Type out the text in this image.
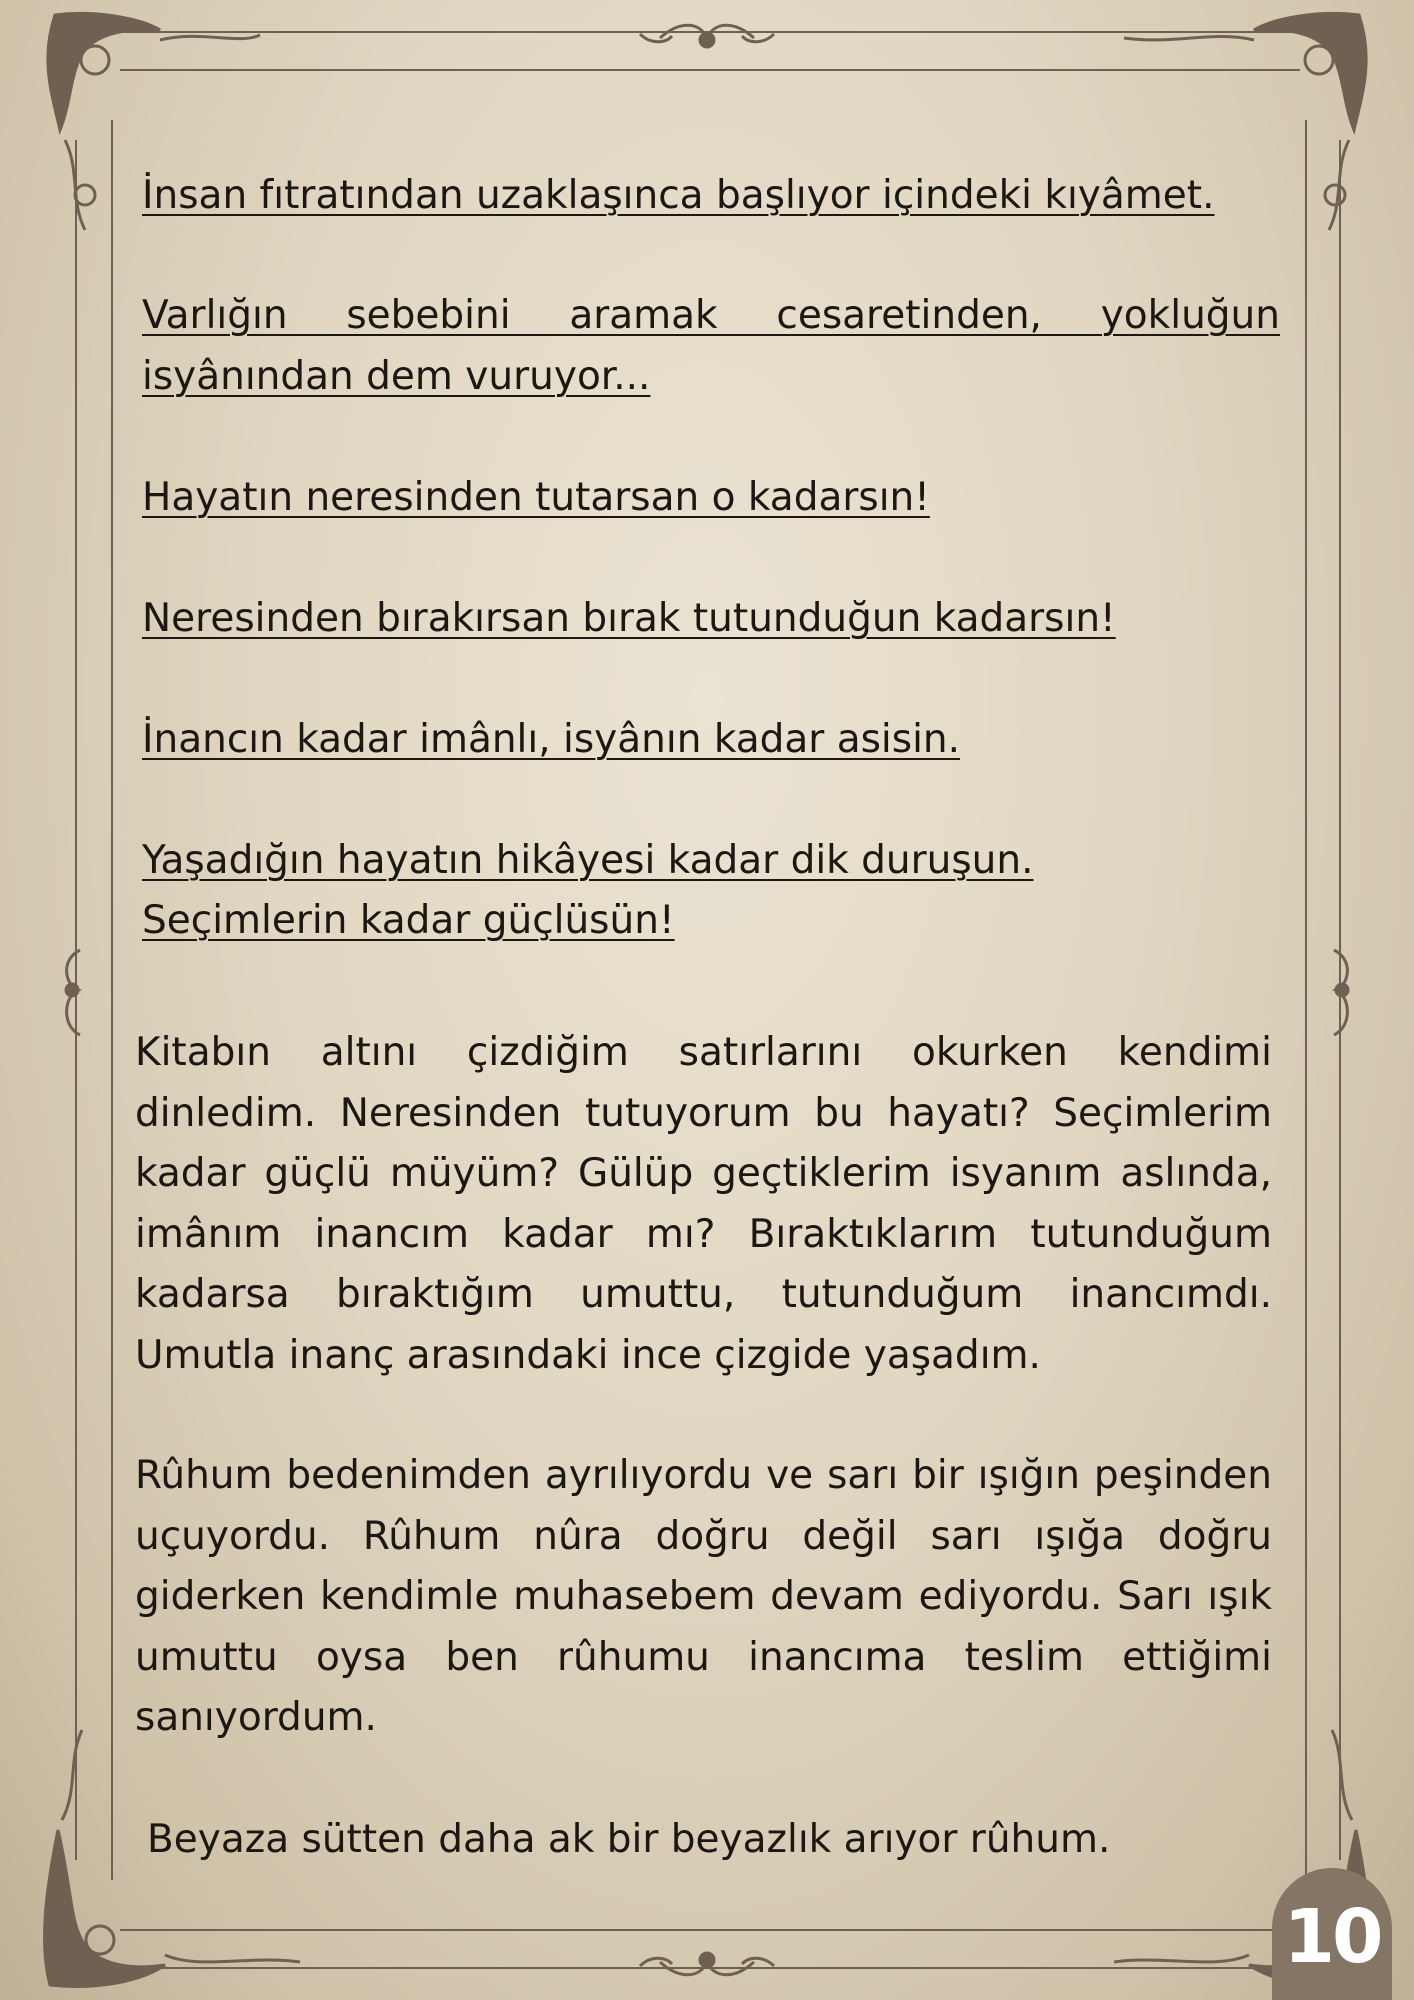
İnsan fıtratından uzaklaşınca başlıyor içindeki kıyâmet.

Varlığın sebebini aramak cesaretinden, yokluğun

isyânından dem vuruyor...

Hayatın neresinden tutarsan o kadarsın!

Neresinden bırakırsan bırak tutunduğun kadarsın!

İnancın kadar imânlı, isyânın kadar asisin.

Yaşadığın hayatın hikâyesi kadar dik duruşun.

Seçimlerin kadar güçlüsün!

Kitabın altını çizdiğim satırlarını okurken kendimi dinledim. Neresinden tutuyorum bu hayatı? Seçimlerim kadar güçlü müyüm? Gülüp geçtiklerim isyanım aslında, imânım inancım kadar mı? Bıraktıklarım tutunduğum kadarsa bıraktığım umuttu, tutunduğum inancımdı. Umutla inanç arasındaki ince çizgide yaşadım.

Rûhum bedenimden ayrılıyordu ve sarı bir ışığın peşinden uçuyordu. Rûhum nûra doğru değil sarı ışığa doğru giderken kendimle muhasebem devam ediyordu. Sarı ışık umuttu oysa ben rûhumu inancıma teslim ettiğimi sanıyordum.

Beyaza sütten daha ak bir beyazlık arıyor rûhum.

10
